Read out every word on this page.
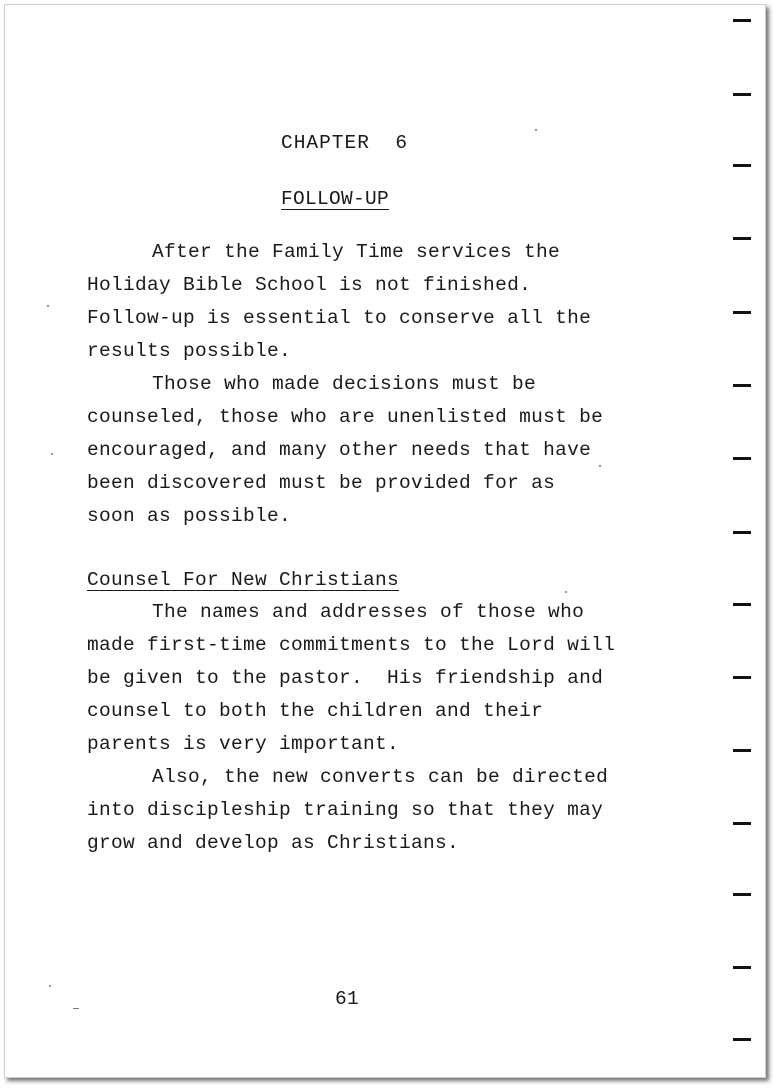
CHAPTER  6
FOLLOW-UP
After the Family Time services the
Holiday Bible School is not finished.
Follow-up is essential to conserve all the
results possible.
Those who made decisions must be
counseled, those who are unenlisted must be
encouraged, and many other needs that have
been discovered must be provided for as
soon as possible.
Counsel For New Christians
The names and addresses of those who
made first-time commitments to the Lord will
be given to the pastor.  His friendship and
counsel to both the children and their
parents is very important.
Also, the new converts can be directed
into discipleship training so that they may
grow and develop as Christians.
61
